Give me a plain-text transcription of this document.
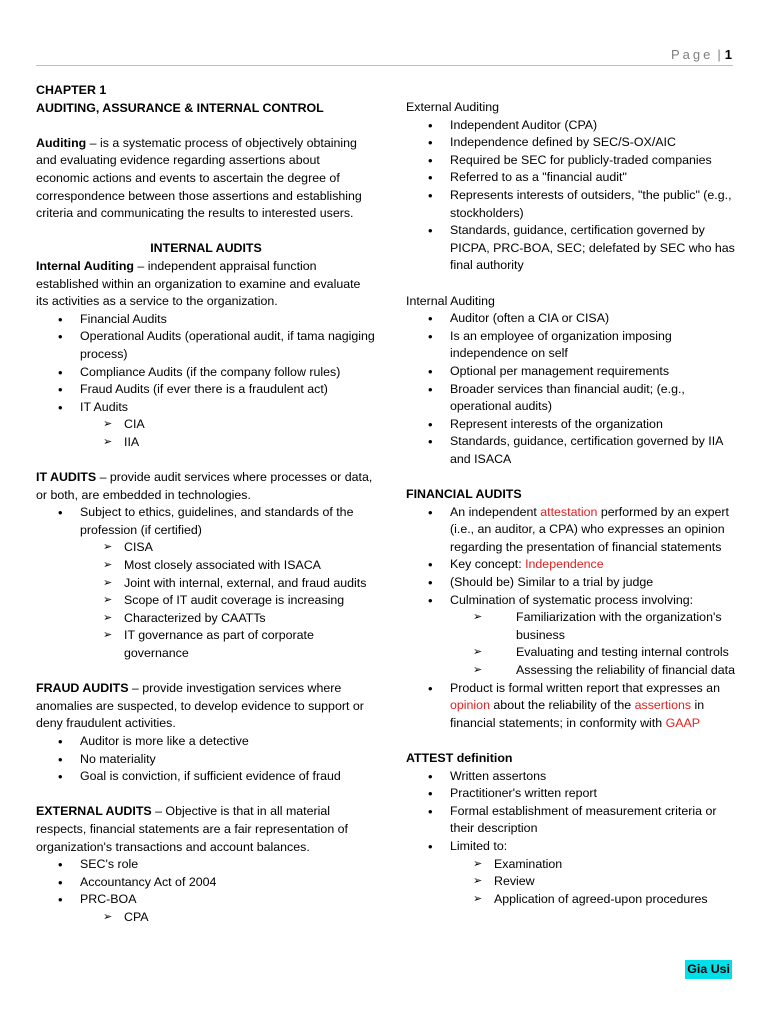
Page | 1

CHAPTER 1

AUDITING, ASSURANCE & INTERNAL CONTROL

Auditing – is a systematic process of objectively obtaining and evaluating evidence regarding assertions about economic actions and events to ascertain the degree of correspondence between those assertions and establishing criteria and communicating the results to interested users.

INTERNAL AUDITS

Internal Auditing – independent appraisal function established within an organization to examine and evaluate its activities as a service to the organization.

• Financial Audits
• Operational Audits (operational audit, if tama nagiging process)
• Compliance Audits (if the company follow rules)
• Fraud Audits (if ever there is a fraudulent act)
• IT Audits
➢ CIA
➢ IIA

IT AUDITS – provide audit services where processes or data, or both, are embedded in technologies.

• Subject to ethics, guidelines, and standards of the profession (if certified)
➢ CISA
➢ Most closely associated with ISACA
➢ Joint with internal, external, and fraud audits
➢ Scope of IT audit coverage is increasing
➢ Characterized by CAATTs
➢ IT governance as part of corporate governance

FRAUD AUDITS – provide investigation services where anomalies are suspected, to develop evidence to support or deny fraudulent activities.

• Auditor is more like a detective
• No materiality
• Goal is conviction, if sufficient evidence of fraud

EXTERNAL AUDITS – Objective is that in all material respects, financial statements are a fair representation of organization's transactions and account balances.

• SEC's role
• Accountancy Act of 2004
• PRC-BOA
➢ CPA

External Auditing

• Independent Auditor (CPA)
• Independence defined by SEC/S-OX/AIC
• Required be SEC for publicly-traded companies
• Referred to as a "financial audit"
• Represents interests of outsiders, "the public" (e.g., stockholders)
• Standards, guidance, certification governed by PICPA, PRC-BOA, SEC; delefated by SEC who has final authority

Internal Auditing

• Auditor (often a CIA or CISA)
• Is an employee of organization imposing independence on self
• Optional per management requirements
• Broader services than financial audit; (e.g., operational audits)
• Represent interests of the organization
• Standards, guidance, certification governed by IIA and ISACA

FINANCIAL AUDITS

• An independent attestation performed by an expert (i.e., an auditor, a CPA) who expresses an opinion regarding the presentation of financial statements
• Key concept: Independence
• (Should be) Similar to a trial by judge
• Culmination of systematic process involving:
➢ Familiarization with the organization's business
➢ Evaluating and testing internal controls
➢ Assessing the reliability of financial data
• Product is formal written report that expresses an opinion about the reliability of the assertions in financial statements; in conformity with GAAP

ATTEST definition

• Written assertons
• Practitioner's written report
• Formal establishment of measurement criteria or their description
• Limited to:
➢ Examination
➢ Review
➢ Application of agreed-upon procedures
Gia Usi
